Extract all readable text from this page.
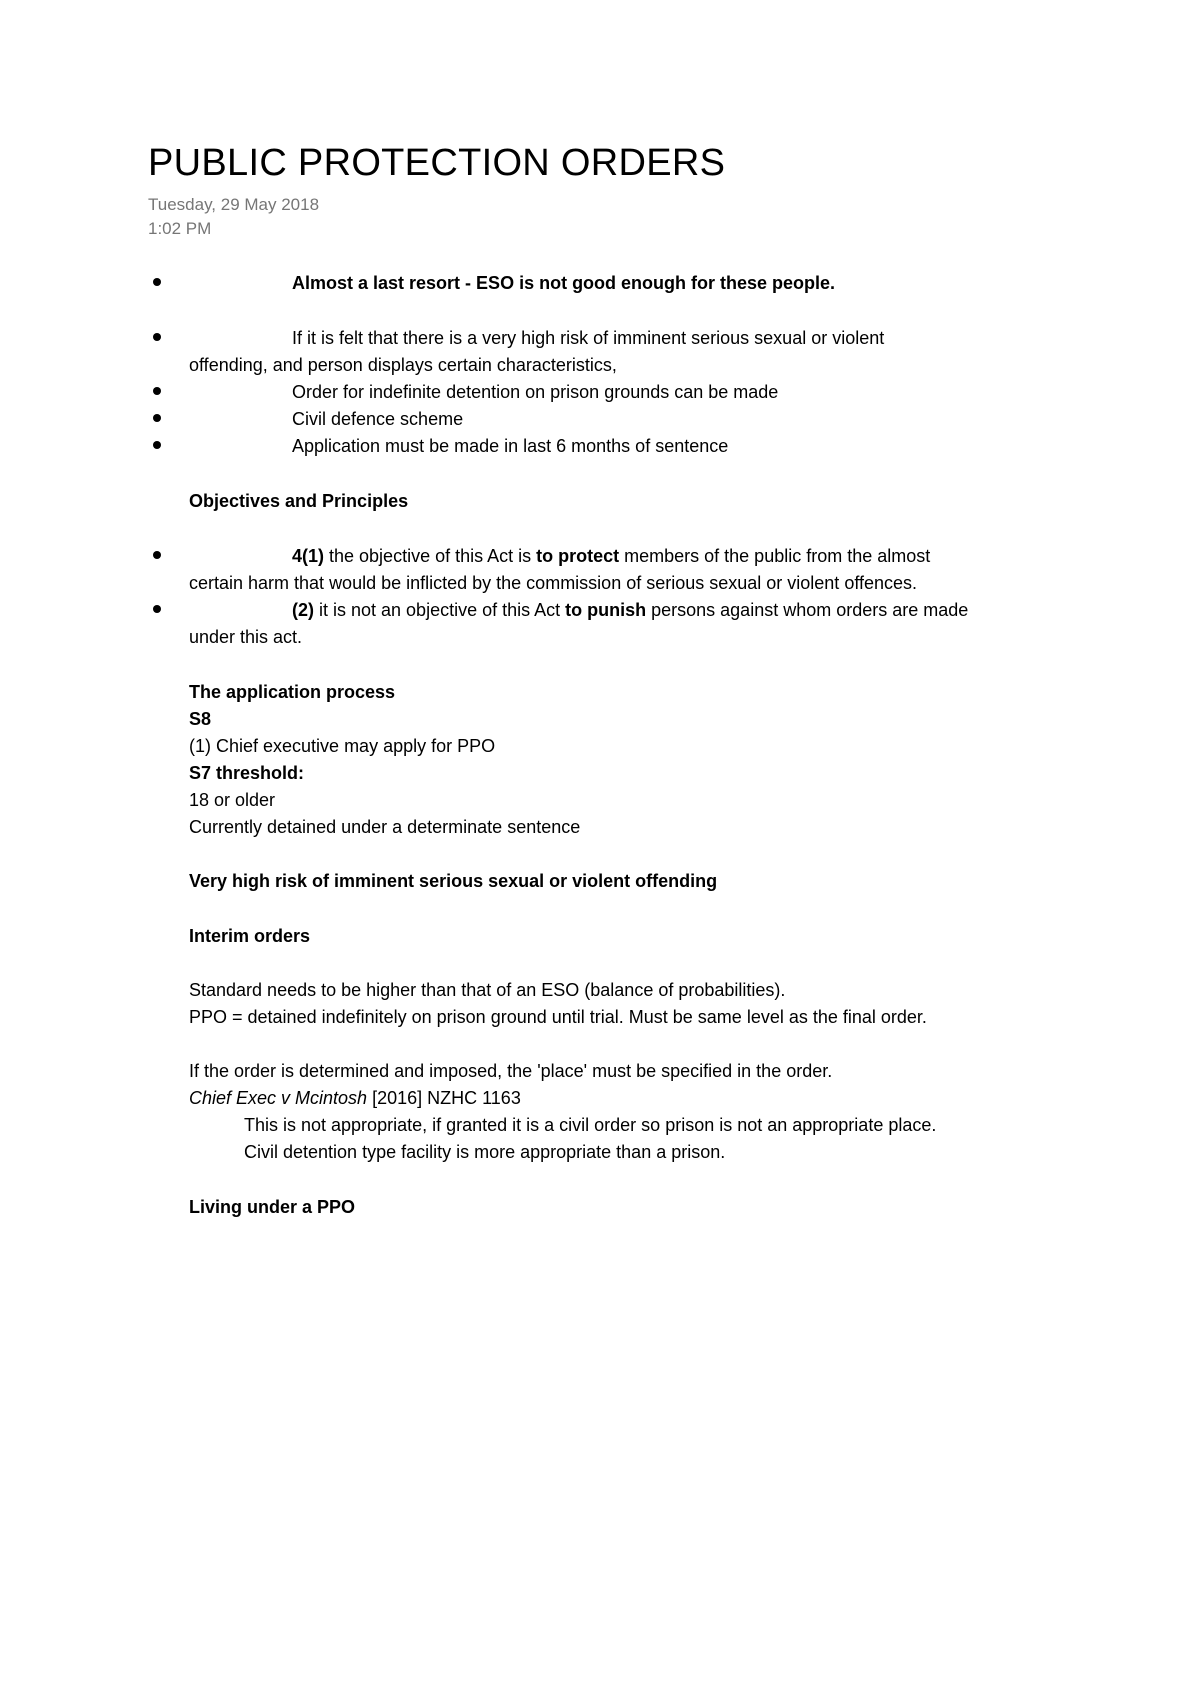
PUBLIC PROTECTION ORDERS
Tuesday, 29 May 2018
1:02 PM
Almost a last resort - ESO is not good enough for these people.
If it is felt that there is a very high risk of imminent serious sexual or violent
offending, and person displays certain characteristics,
Order for indefinite detention on prison grounds can be made
Civil defence scheme
Application must be made in last 6 months of sentence
Objectives and Principles
4(1) the objective of this Act is to protect members of the public from the almost
certain harm that would be inflicted by the commission of serious sexual or violent offences.
(2) it is not an objective of this Act to punish persons against whom orders are made
under this act.
The application process
S8
(1) Chief executive may apply for PPO
S7 threshold:
18 or older
Currently detained under a determinate sentence
Very high risk of imminent serious sexual or violent offending
Interim orders
Standard needs to be higher than that of an ESO (balance of probabilities).
PPO = detained indefinitely on prison ground until trial. Must be same level as the final order.
If the order is determined and imposed, the 'place' must be specified in the order.
Chief Exec v Mcintosh [2016] NZHC 1163
This is not appropriate, if granted it is a civil order so prison is not an appropriate place.
Civil detention type facility is more appropriate than a prison.
Living under a PPO
